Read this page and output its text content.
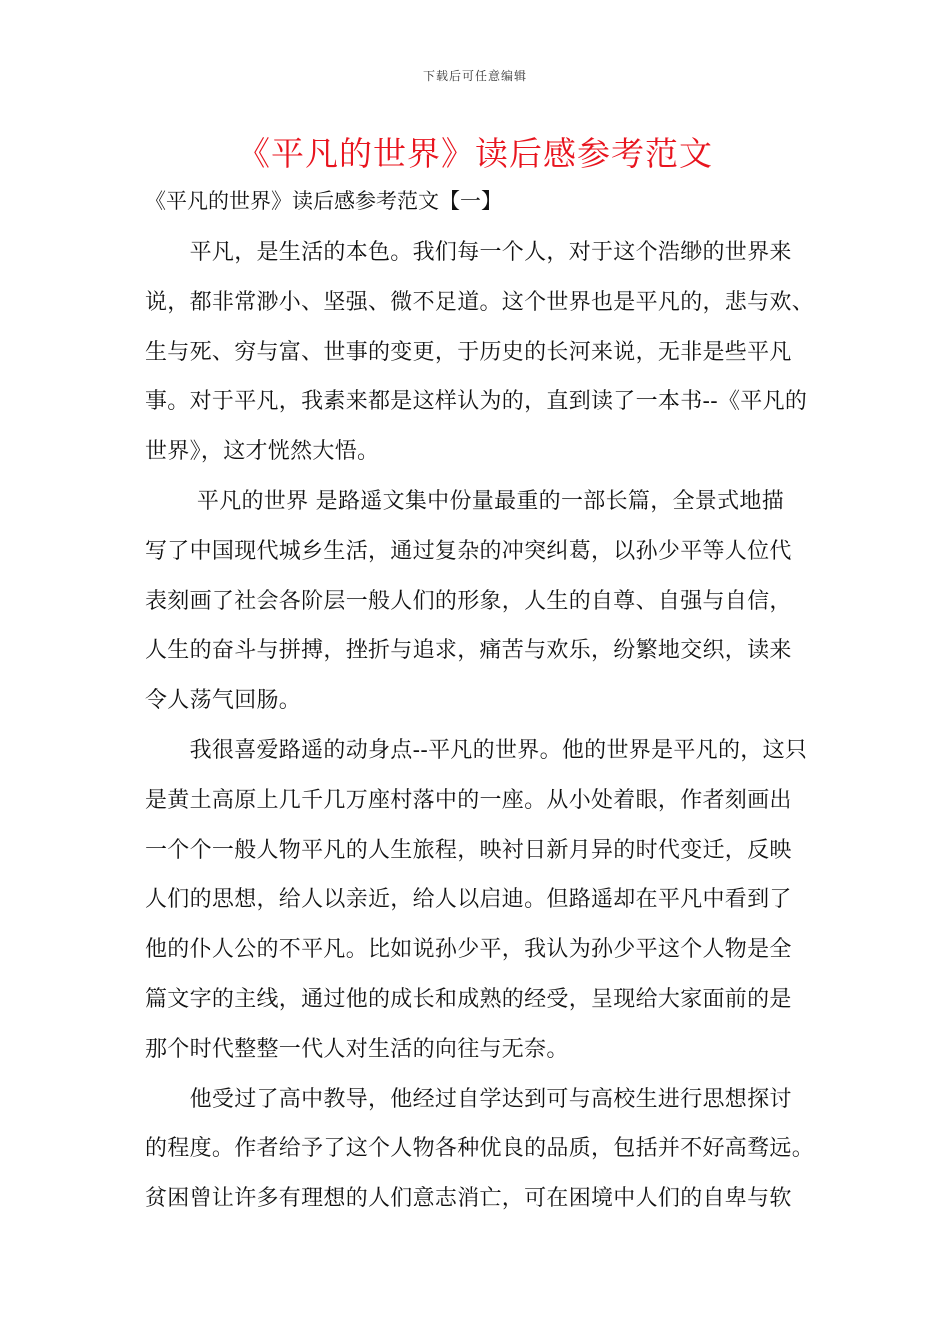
下载后可任意编辑
《平凡的世界》读后感参考范文
《平凡的世界》读后感参考范文【一】
　　平凡，是生活的本色。我们每一个人，对于这个浩缈的世界来
说，都非常渺小、坚强、微不足道。这个世界也是平凡的，悲与欢、
生与死、穷与富、世事的变更，于历史的长河来说，无非是些平凡
事。对于平凡，我素来都是这样认为的，直到读了一本书--《平凡的
世界》，这才恍然大悟。
　　 平凡的世界 是路遥文集中份量最重的一部长篇，全景式地描
写了中国现代城乡生活，通过复杂的冲突纠葛，以孙少平等人位代
表刻画了社会各阶层一般人们的形象，人生的自尊、自强与自信，
人生的奋斗与拼搏，挫折与追求，痛苦与欢乐，纷繁地交织，读来
令人荡气回肠。
　　我很喜爱路遥的动身点--平凡的世界。他的世界是平凡的，这只
是黄土高原上几千几万座村落中的一座。从小处着眼，作者刻画出
一个个一般人物平凡的人生旅程，映衬日新月异的时代变迁，反映
人们的思想，给人以亲近，给人以启迪。但路遥却在平凡中看到了
他的仆人公的不平凡。比如说孙少平，我认为孙少平这个人物是全
篇文字的主线，通过他的成长和成熟的经受，呈现给大家面前的是
那个时代整整一代人对生活的向往与无奈。
　　他受过了高中教导，他经过自学达到可与高校生进行思想探讨
的程度。作者给予了这个人物各种优良的品质，包括并不好高骛远。
贫困曾让许多有理想的人们意志消亡，可在困境中人们的自卑与软
